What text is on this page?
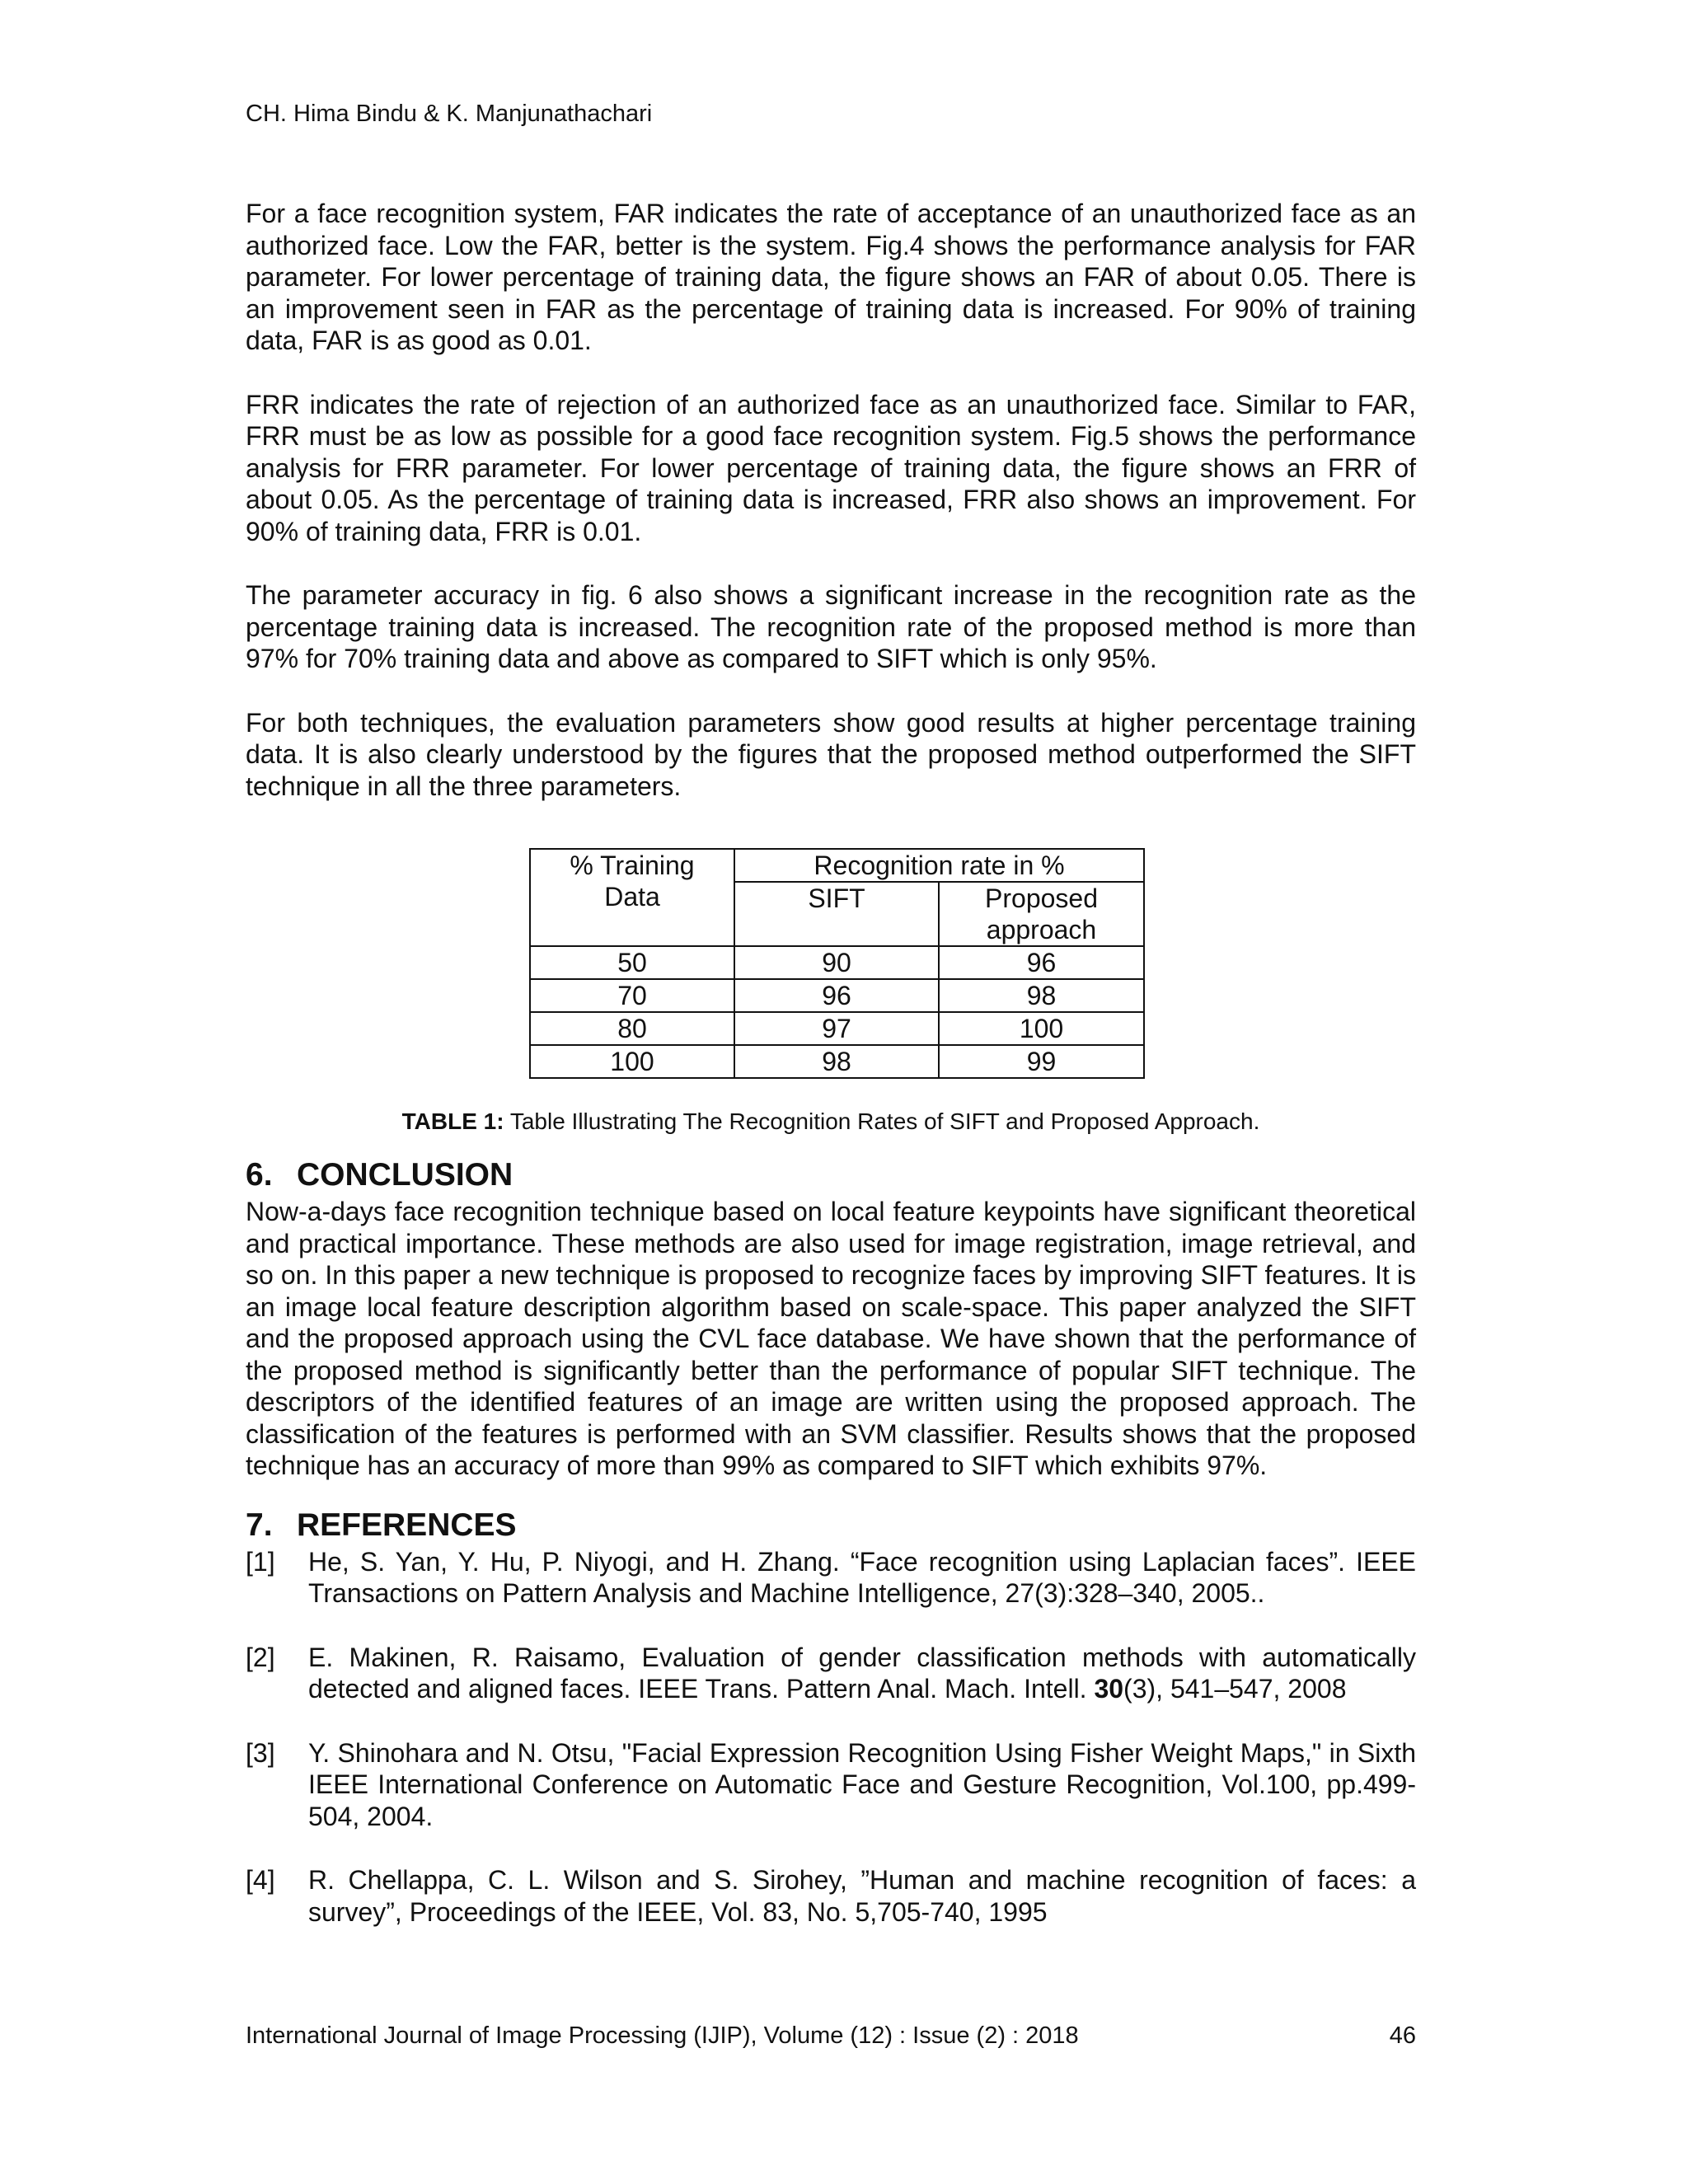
CH. Hima Bindu & K. Manjunathachari

For a face recognition system, FAR indicates the rate of acceptance of an unauthorized face as an authorized face. Low the FAR, better is the system. Fig.4 shows the performance analysis for FAR parameter. For lower percentage of training data, the figure shows an FAR of about 0.05. There is an improvement seen in FAR as the percentage of training data is increased. For 90% of training data, FAR is as good as 0.01.

FRR indicates the rate of rejection of an authorized face as an unauthorized face. Similar to FAR, FRR must be as low as possible for a good face recognition system. Fig.5 shows the performance analysis for FRR parameter. For lower percentage of training data, the figure shows an FRR of about 0.05. As the percentage of training data is increased, FRR also shows an improvement. For 90% of training data, FRR is 0.01.

The parameter accuracy in fig. 6 also shows a significant increase in the recognition rate as the percentage training data is increased. The recognition rate of the proposed method is more than 97% for 70% training data and above as compared to SIFT which is only 95%.

For both techniques, the evaluation parameters show good results at higher percentage training data. It is also clearly understood by the figures that the proposed method outperformed the SIFT technique in all the three parameters.

% Training Data	Recognition rate in %	
	SIFT	Proposed approach
50	90	96
70	96	98
80	97	100
100	98	99
TABLE 1: Table Illustrating The Recognition Rates of SIFT and Proposed Approach.
6. CONCLUSION

Now-a-days face recognition technique based on local feature keypoints have significant theoretical and practical importance. These methods are also used for image registration, image retrieval, and so on. In this paper a new technique is proposed to recognize faces by improving SIFT features. It is an image local feature description algorithm based on scale-space. This paper analyzed the SIFT and the proposed approach using the CVL face database. We have shown that the performance of the proposed method is significantly better than the performance of popular SIFT technique. The descriptors of the identified features of an image are written using the proposed approach. The classification of the features is performed with an SVM classifier. Results shows that the proposed technique has an accuracy of more than 99% as compared to SIFT which exhibits 97%.

7. REFERENCES
[1]	He, S. Yan, Y. Hu, P. Niyogi, and H. Zhang. “Face recognition using Laplacian faces”. IEEE Transactions on Pattern Analysis and Machine Intelligence, 27(3):328–340, 2005..
[2]	E. Makinen, R. Raisamo, Evaluation of gender classification methods with automatically detected and aligned faces. IEEE Trans. Pattern Anal. Mach. Intell. 30(3), 541–547, 2008
[3]	Y. Shinohara and N. Otsu, "Facial Expression Recognition Using Fisher Weight Maps," in Sixth IEEE International Conference on Automatic Face and Gesture Recognition, Vol.100, pp.499-504, 2004.
[4]	R. Chellappa, C. L. Wilson and S. Sirohey, ”Human and machine recognition of faces: a survey”, Proceedings of the IEEE, Vol. 83, No. 5,705-740, 1995
International Journal of Image Processing (IJIP), Volume (12) : Issue (2) : 2018	46
